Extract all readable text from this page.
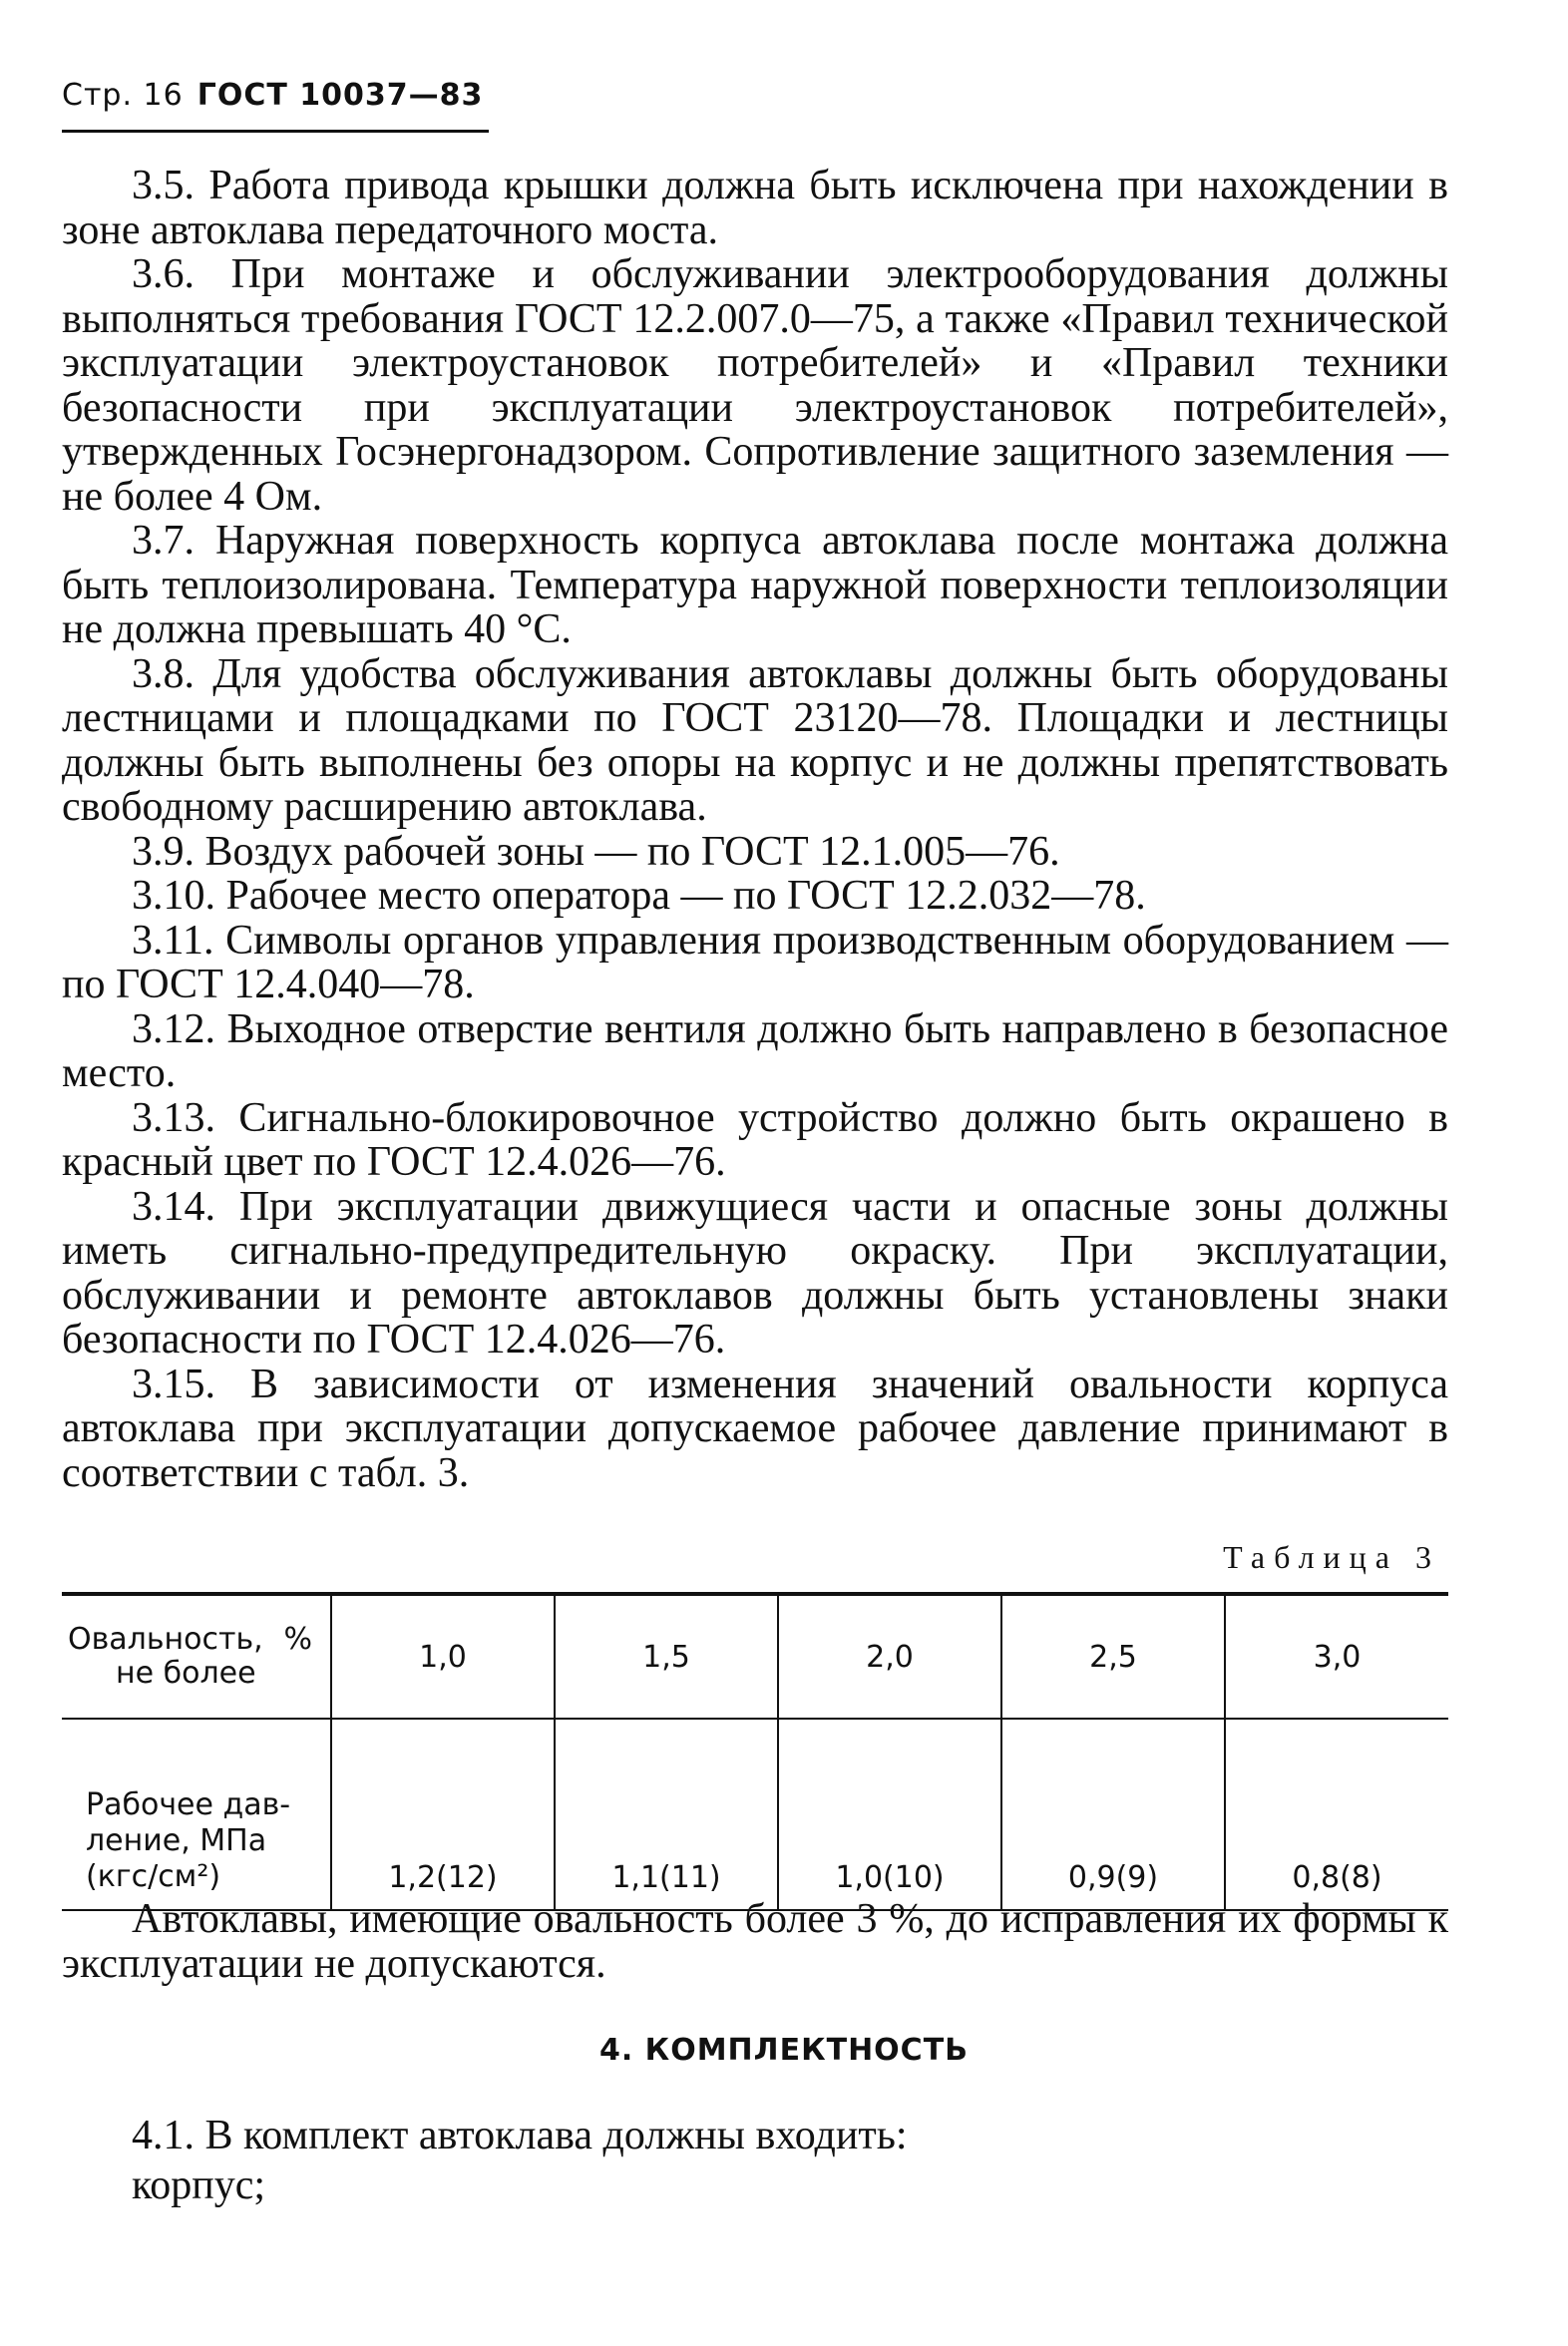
Стр. 16 ГОСТ 10037—83

3.5. Работа привода крышки должна быть исключена при нахождении в зоне автоклава передаточного моста.

3.6. При монтаже и обслуживании электрооборудования должны выполняться требования ГОСТ 12.2.007.0—75, а также «Правил технической эксплуатации электроустановок потребителей» и «Правил техники безопасности при эксплуатации электроустановок потребителей», утвержденных Госэнергонадзором. Сопротивление защитного заземления — не более 4 Ом.

3.7. Наружная поверхность корпуса автоклава после монтажа должна быть теплоизолирована. Температура наружной поверхности теплоизоляции не должна превышать 40 °С.

3.8. Для удобства обслуживания автоклавы должны быть оборудованы лестницами и площадками по ГОСТ 23120—78. Площадки и лестницы должны быть выполнены без опоры на корпус и не должны препятствовать свободному расширению автоклава.

3.9. Воздух рабочей зоны — по ГОСТ 12.1.005—76.

3.10. Рабочее место оператора — по ГОСТ 12.2.032—78.

3.11. Символы органов управления производственным оборудованием — по ГОСТ 12.4.040—78.

3.12. Выходное отверстие вентиля должно быть направлено в безопасное место.

3.13. Сигнально-блокировочное устройство должно быть окрашено в красный цвет по ГОСТ 12.4.026—76.

3.14. При эксплуатации движущиеся части и опасные зоны должны иметь сигнально-предупредительную окраску. При эксплуатации, обслуживании и ремонте автоклавов должны быть установлены знаки безопасности по ГОСТ 12.4.026—76.

3.15. В зависимости от изменения значений овальности корпуса автоклава при эксплуатации допускаемое рабочее давление принимают в соответствии с табл. 3.

Таблица 3
Овальность, %
не более	1,0	1,5	2,0	2,5	3,0

Рабочее дав-
ление, МПа
(кгс/см²)	1,2(12)	1,1(11)	1,0(10)	0,9(9)	0,8(8)

Автоклавы, имеющие овальность более 3 %, до исправления их формы к эксплуатации не допускаются.

4. КОМПЛЕКТНОСТЬ

4.1. В комплект автоклава должны входить:

корпус;
